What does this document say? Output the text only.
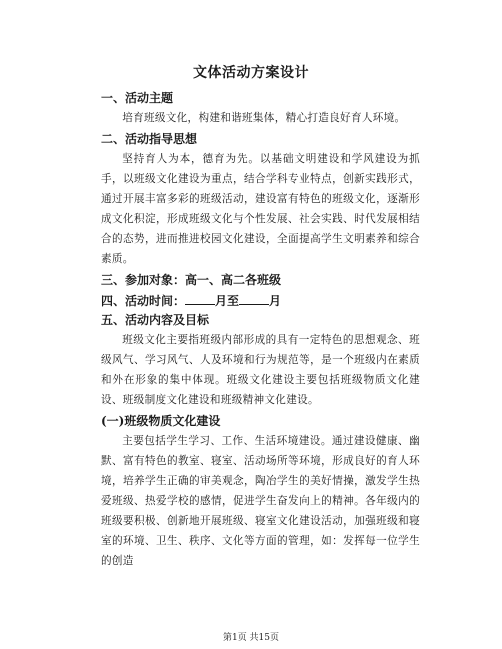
文体活动方案设计
一、活动主题

培育班级文化，构建和谐班集体，精心打造良好育人环境。

二、活动指导思想

坚持育人为本，德育为先。以基础文明建设和学风建设为抓手，以班级文化建设为重点，结合学科专业特点，创新实践形式，通过开展丰富多彩的班级活动，建设富有特色的班级文化，逐渐形成文化积淀，形成班级文化与个性发展、社会实践、时代发展相结合的态势，进而推进校园文化建设，全面提高学生文明素养和综合素质。

三、参加对象：高一、高二各班级
四、活动时间：	月至	月
五、活动内容及目标

班级文化主要指班级内部形成的具有一定特色的思想观念、班级风气、学习风气、人及环境和行为规范等，是一个班级内在素质和外在形象的集中体现。班级文化建设主要包括班级物质文化建设、班级制度文化建设和班级精神文化建设。

(一)班级物质文化建设

主要包括学生学习、工作、生活环境建设。通过建设健康、幽默、富有特色的教室、寝室、活动场所等环境，形成良好的育人环境，培养学生正确的审美观念，陶冶学生的美好情操，激发学生热爱班级、热爱学校的感情，促进学生奋发向上的精神。各年级内的班级要积极、创新地开展班级、寝室文化建设活动，加强班级和寝室的环境、卫生、秩序、文化等方面的管理，如：发挥每一位学生的创造

第1页 共15页
